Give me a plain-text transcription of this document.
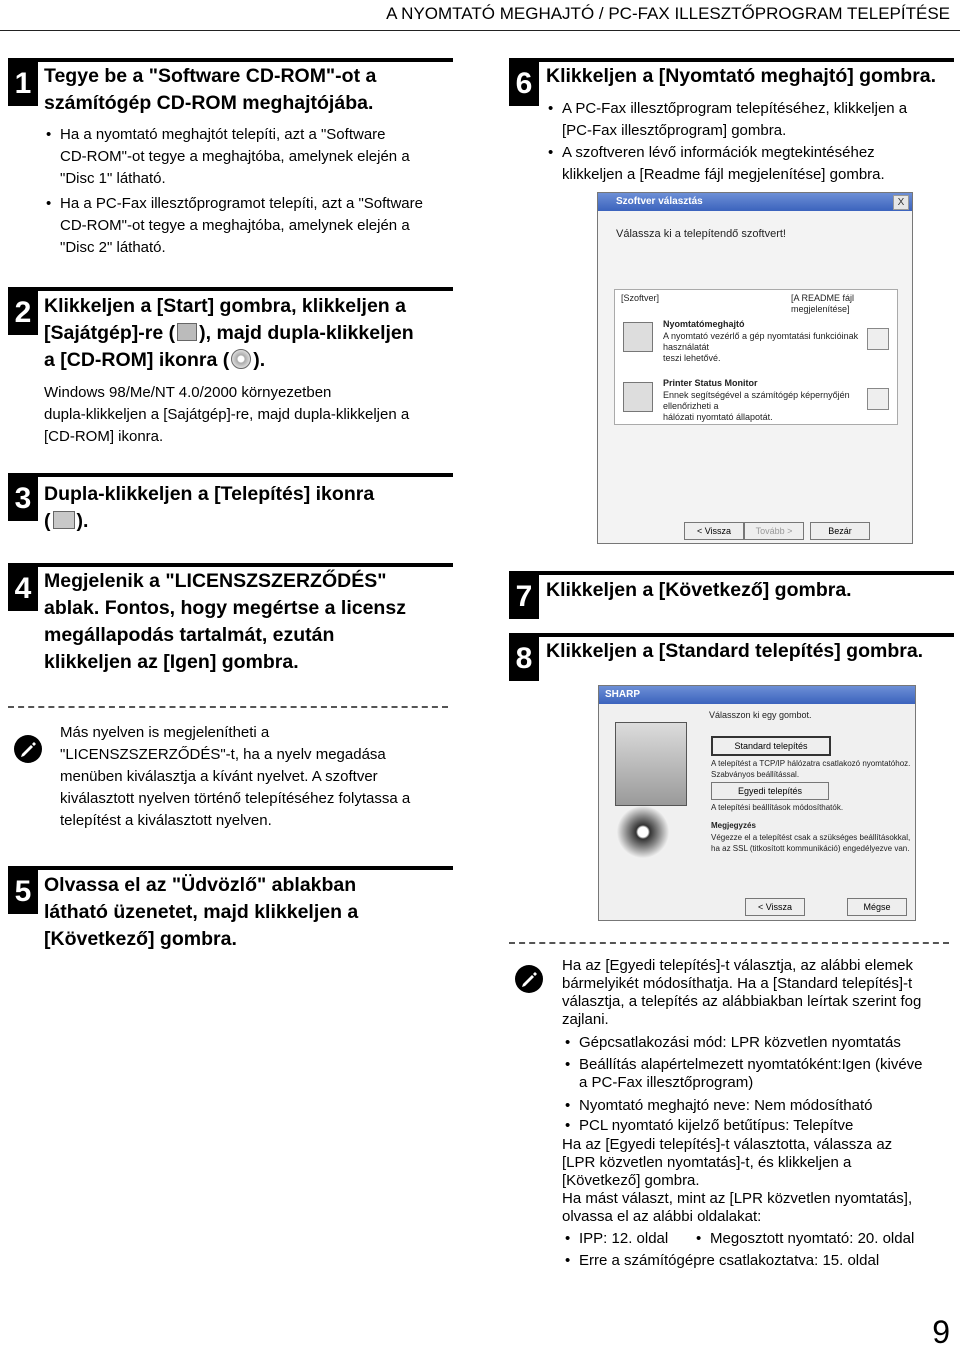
A NYOMTATÓ MEGHAJTÓ / PC-FAX ILLESZTŐPROGRAM TELEPÍTÉSE
1 Tegye be a "Software CD-ROM"-ot a
számítógép CD-ROM meghajtójába.
• Ha a nyomtató meghajtót telepíti, azt a "Software
CD-ROM"-ot tegye a meghajtóba, amelynek elején a
"Disc 1" látható.
• Ha a PC-Fax illesztőprogramot telepíti, azt a "Software
CD-ROM"-ot tegye a meghajtóba, amelynek elején a
"Disc 2" látható.
2 Klikkeljen a [Start] gombra, klikkeljen a
[Sajátgép]-re ( ), majd dupla-klikkeljen
a [CD-ROM] ikonra ( ).
Windows 98/Me/NT 4.0/2000 környezetben
dupla-klikkeljen a [Sajátgép]-re, majd dupla-klikkeljen a
[CD-ROM] ikonra.
3 Dupla-klikkeljen a [Telepítés] ikonra
( ).
4 Megjelenik a "LICENSZSZERZŐDÉS"
ablak. Fontos, hogy megértse a licensz
megállapodás tartalmát, ezután
klikkeljen az [Igen] gombra.
Más nyelven is megjelenítheti a
"LICENSZSZERZŐDÉS"-t, ha a nyelv megadása
menüben kiválasztja a kívánt nyelvet. A szoftver
kiválasztott nyelven történő telepítéséhez folytassa a
telepítést a kiválasztott nyelven.
5 Olvassa el az "Üdvözlő" ablakban
látható üzenetet, majd klikkeljen a
[Következő] gombra.
6 Klikkeljen a [Nyomtató meghajtó] gombra.
• A PC-Fax illesztőprogram telepítéséhez, klikkeljen a
[PC-Fax illesztőprogram] gombra.
• A szoftveren lévő információk megtekintéséhez
klikkeljen a [Readme fájl megjelenítése] gombra.
Szoftver választás	X
Válassza ki a telepítendő szoftvert!
[Szoftver]	[A README fájl megjelenítése]
Nyomtatómeghajtó
A nyomtató vezérlő a gép nyomtatási funkcióinak használatát
teszi lehetővé.
Printer Status Monitor
Ennek segítségével a számítógép képernyőjén ellenőrizheti a
hálózati nyomtató állapotát.
< Vissza	Tovább >	Bezár
7 Klikkeljen a [Következő] gombra.
8 Klikkeljen a [Standard telepítés] gombra.
SHARP
Válasszon ki egy gombot.
Standard telepítés
A telepítést a TCP/IP hálózatra csatlakozó nyomtatóhoz.
Szabványos beállítással.
Egyedi telepítés
A telepítési beállítások módosíthatók.
Megjegyzés
Végezze el a telepítést csak a szükséges beállításokkal,
ha az SSL (titkosított kommunikáció) engedélyezve van.
< Vissza	Mégse
Ha az [Egyedi telepítés]-t választja, az alábbi elemek
bármelyikét módosíthatja. Ha a [Standard telepítés]-t
választja, a telepítés az alábbiakban leírtak szerint fog
zajlani.
• Gépcsatlakozási mód: LPR közvetlen nyomtatás
• Beállítás alapértelmezett nyomtatóként:Igen (kivéve
a PC-Fax illesztőprogram)
• Nyomtató meghajtó neve: Nem módosítható
• PCL nyomtató kijelző betűtípus: Telepítve
Ha az [Egyedi telepítés]-t választotta, válassza az
[LPR közvetlen nyomtatás]-t, és klikkeljen a
[Következő] gombra.
Ha mást választ, mint az [LPR közvetlen nyomtatás],
olvassa el az alábbi oldalakat:
• IPP: 12. oldal
•	Megosztott nyomtató: 20. oldal
• Erre a számítógépre csatlakoztatva: 15. oldal
9
